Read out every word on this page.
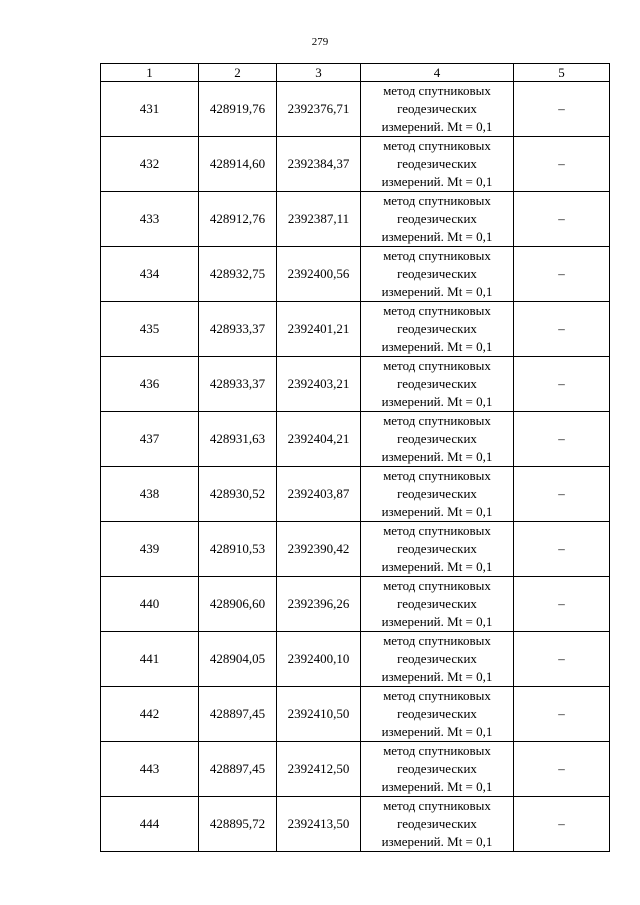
279
1	2	3	4	5
431	428919,76	2392376,71	метод спутниковых
геодезических
измерений. Mt = 0,1	–
432	428914,60	2392384,37	метод спутниковых
геодезических
измерений. Mt = 0,1	–
433	428912,76	2392387,11	метод спутниковых
геодезических
измерений. Mt = 0,1	–
434	428932,75	2392400,56	метод спутниковых
геодезических
измерений. Mt = 0,1	–
435	428933,37	2392401,21	метод спутниковых
геодезических
измерений. Mt = 0,1	–
436	428933,37	2392403,21	метод спутниковых
геодезических
измерений. Mt = 0,1	–
437	428931,63	2392404,21	метод спутниковых
геодезических
измерений. Mt = 0,1	–
438	428930,52	2392403,87	метод спутниковых
геодезических
измерений. Mt = 0,1	–
439	428910,53	2392390,42	метод спутниковых
геодезических
измерений. Mt = 0,1	–
440	428906,60	2392396,26	метод спутниковых
геодезических
измерений. Mt = 0,1	–
441	428904,05	2392400,10	метод спутниковых
геодезических
измерений. Mt = 0,1	–
442	428897,45	2392410,50	метод спутниковых
геодезических
измерений. Mt = 0,1	–
443	428897,45	2392412,50	метод спутниковых
геодезических
измерений. Mt = 0,1	–
444	428895,72	2392413,50	метод спутниковых
геодезических
измерений. Mt = 0,1	–
